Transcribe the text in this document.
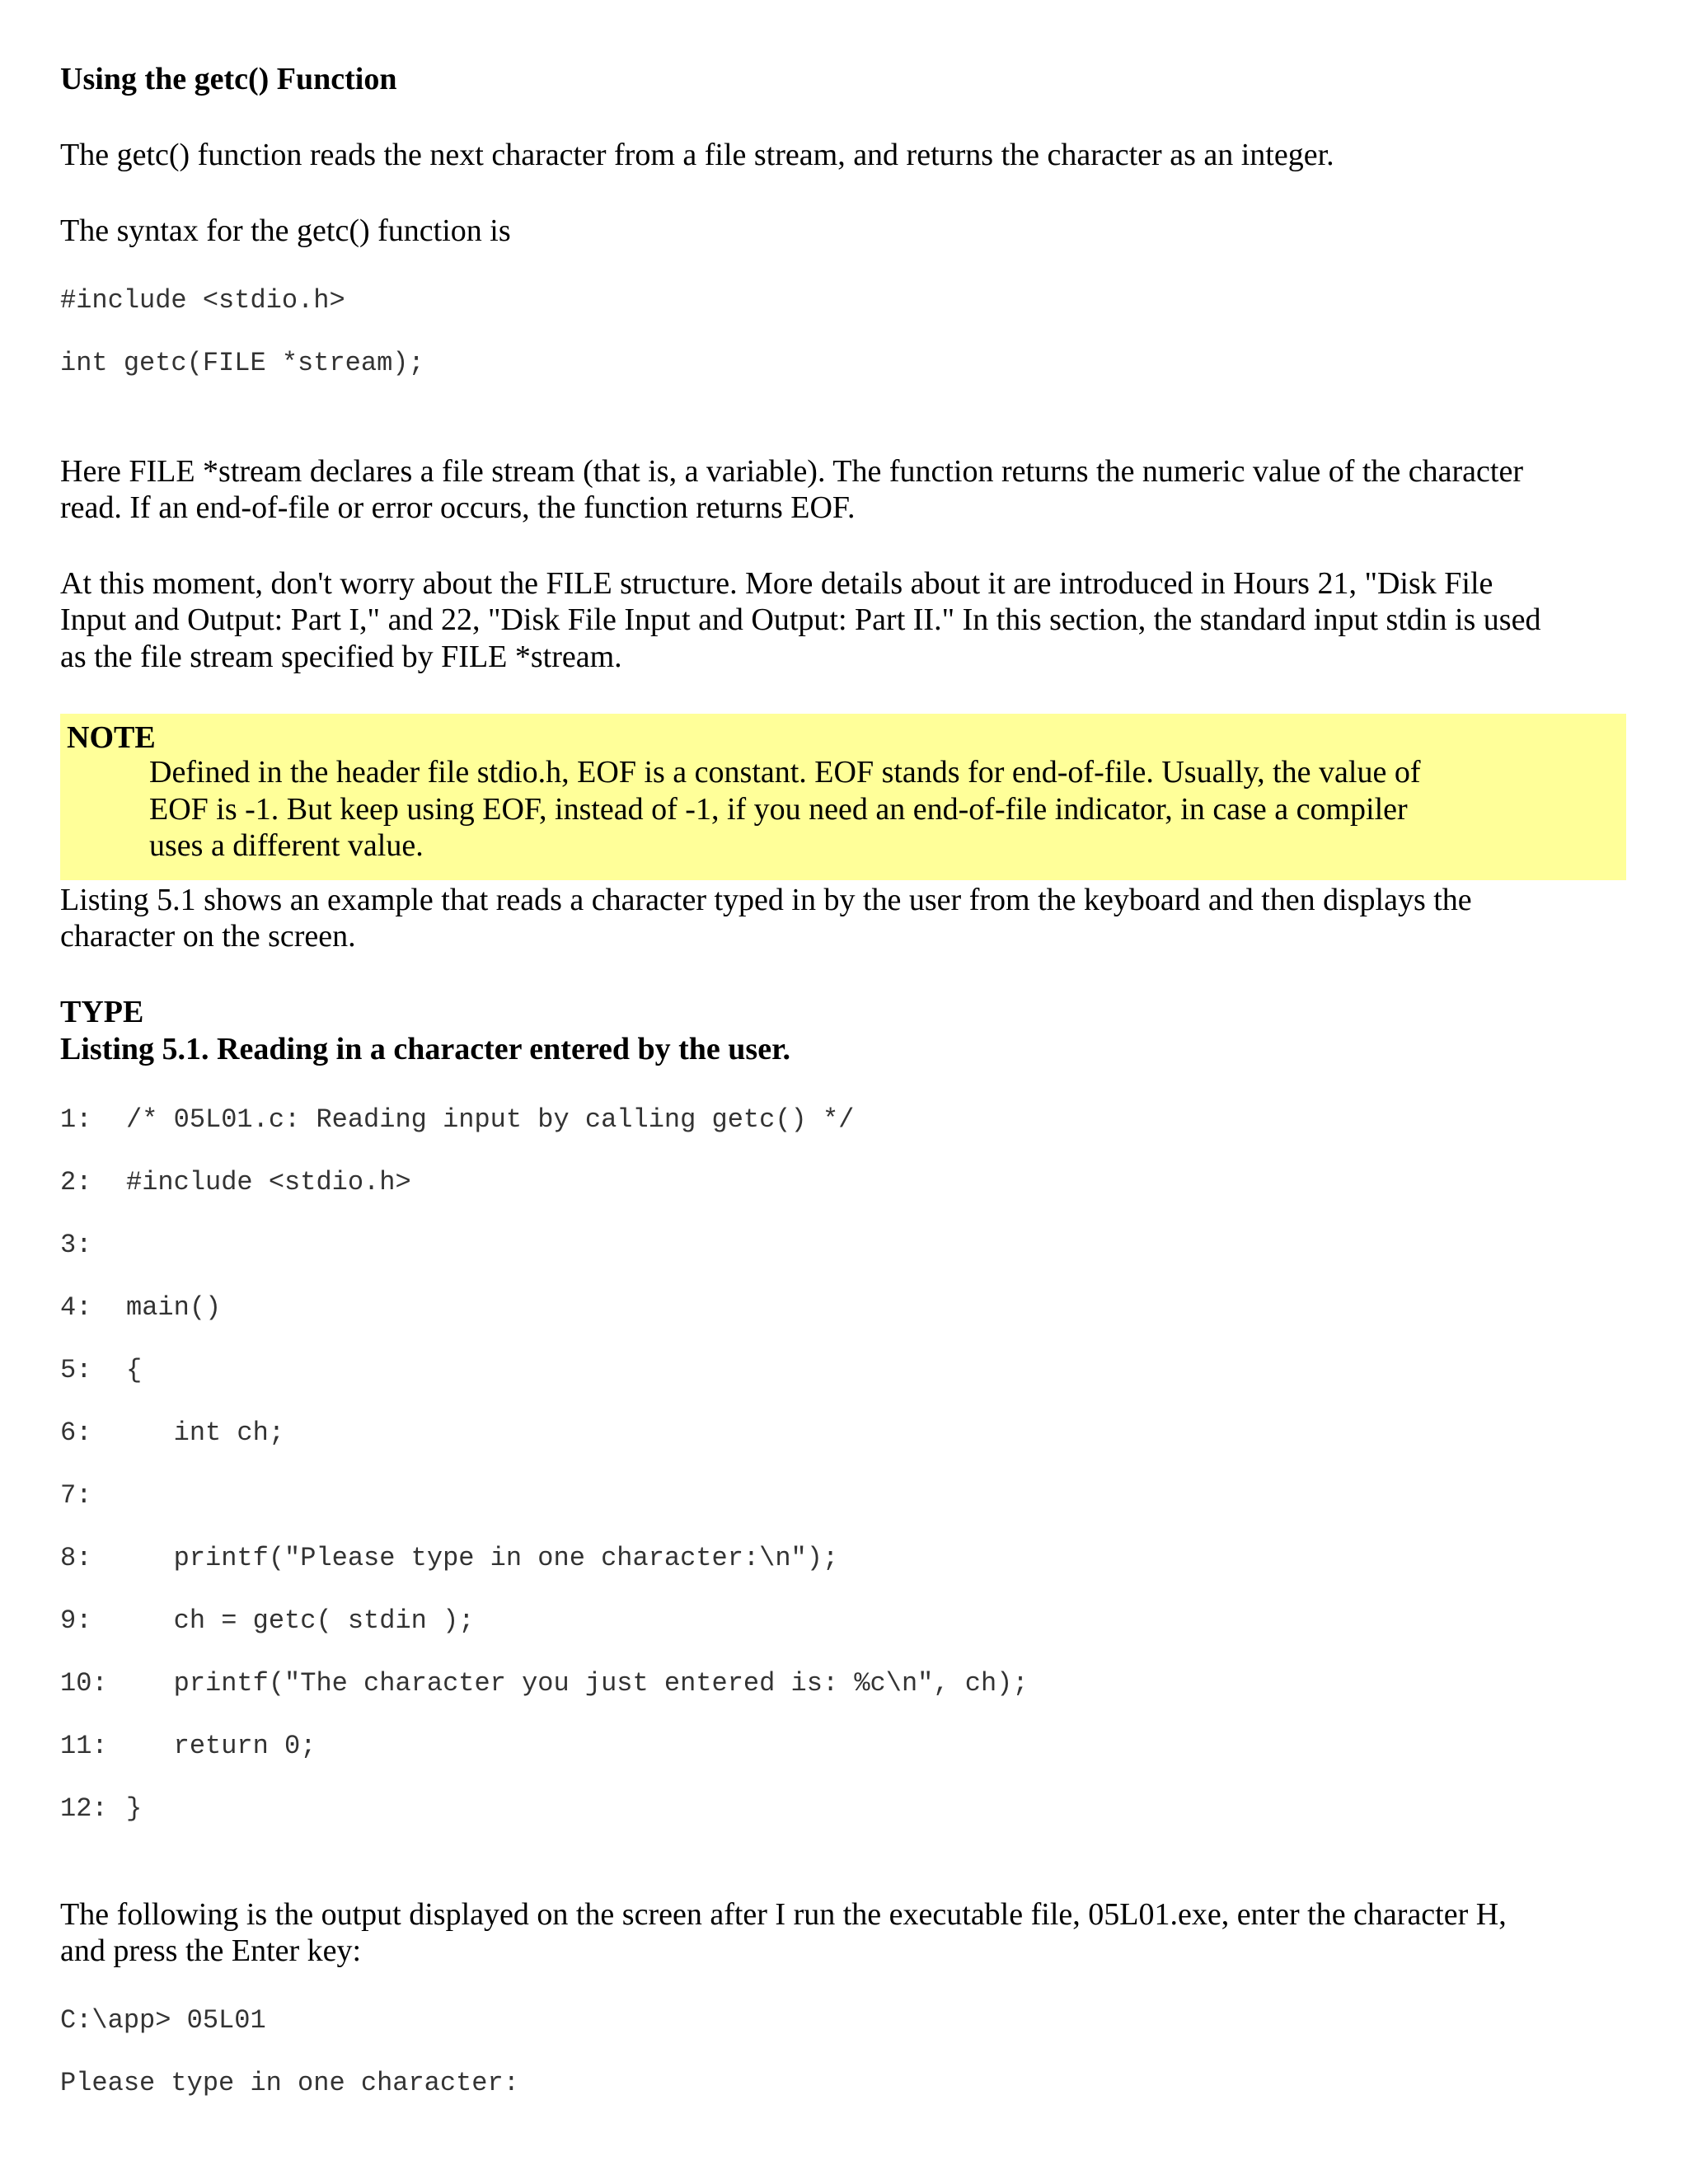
Using the getc() Function
The getc() function reads the next character from a file stream, and returns the character as an integer.
The syntax for the getc() function is
#include <stdio.h>
int getc(FILE *stream);
Here FILE *stream declares a file stream (that is, a variable). The function returns the numeric value of the character
read. If an end-of-file or error occurs, the function returns EOF.
At this moment, don't worry about the FILE structure. More details about it are introduced in Hours 21, "Disk File
Input and Output: Part I," and 22, "Disk File Input and Output: Part II." In this section, the standard input stdin is used
as the file stream specified by FILE *stream.
Listing 5.1 shows an example that reads a character typed in by the user from the keyboard and then displays the
character on the screen.
TYPE
Listing 5.1. Reading in a character entered by the user.
1: /* 05L01.c: Reading input by calling getc() */
2: #include <stdio.h>
3:
4: main()
5: {
6:   int ch;
7:
8:   printf("Please type in one character:\n");
9:   ch = getc( stdin );
10:   printf("The character you just entered is: %c\n", ch);
11:   return 0;
12: }
The following is the output displayed on the screen after I run the executable file, 05L01.exe, enter the character H,
and press the Enter key:
C:\app> 05L01
Please type in one character:
NOTE
Defined in the header file stdio.h, EOF is a constant. EOF stands for end-of-file. Usually, the value of
EOF is -1. But keep using EOF, instead of -1, if you need an end-of-file indicator, in case a compiler
uses a different value.
